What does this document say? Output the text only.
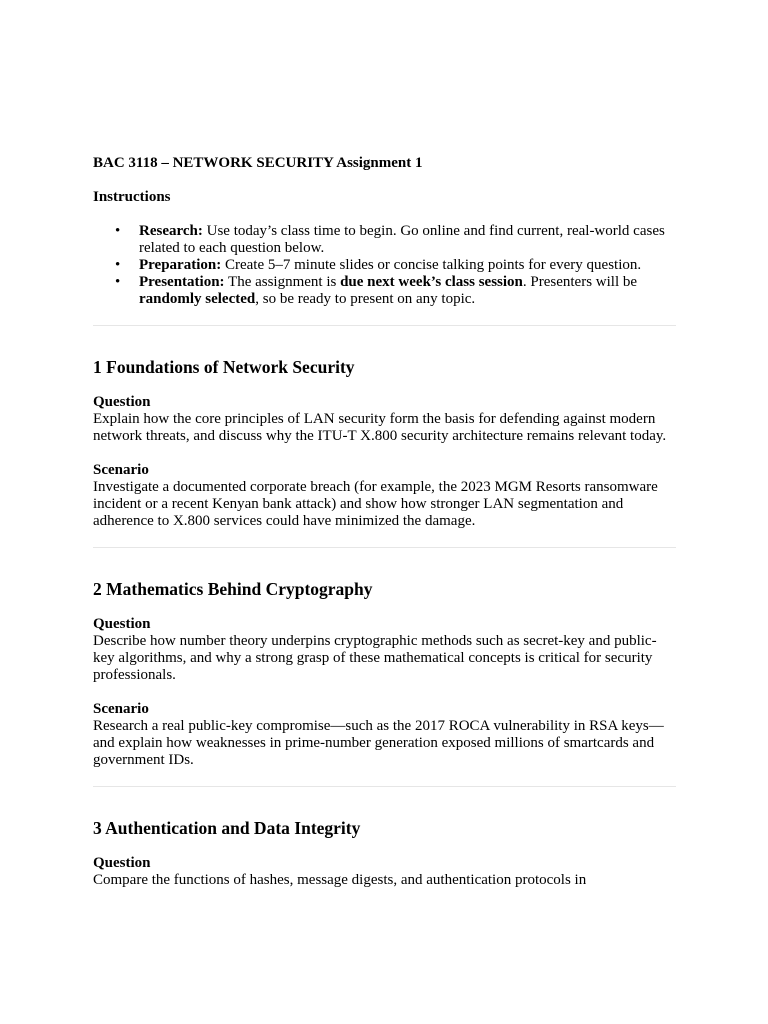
BAC 3118 – NETWORK SECURITY Assignment 1
Instructions
• Research: Use today’s class time to begin. Go online and find current, real-world cases related to each question below.
• Preparation: Create 5–7 minute slides or concise talking points for every question.
• Presentation: The assignment is due next week’s class session. Presenters will be randomly selected, so be ready to present on any topic.
1 Foundations of Network Security
Question
Explain how the core principles of LAN security form the basis for defending against modern network threats, and discuss why the ITU-T X.800 security architecture remains relevant today.
Scenario
Investigate a documented corporate breach (for example, the 2023 MGM Resorts ransomware incident or a recent Kenyan bank attack) and show how stronger LAN segmentation and adherence to X.800 services could have minimized the damage.
2 Mathematics Behind Cryptography
Question
Describe how number theory underpins cryptographic methods such as secret-key and public-key algorithms, and why a strong grasp of these mathematical concepts is critical for security professionals.
Scenario
Research a real public-key compromise—such as the 2017 ROCA vulnerability in RSA keys—and explain how weaknesses in prime-number generation exposed millions of smartcards and government IDs.
3 Authentication and Data Integrity
Question
Compare the functions of hashes, message digests, and authentication protocols in
